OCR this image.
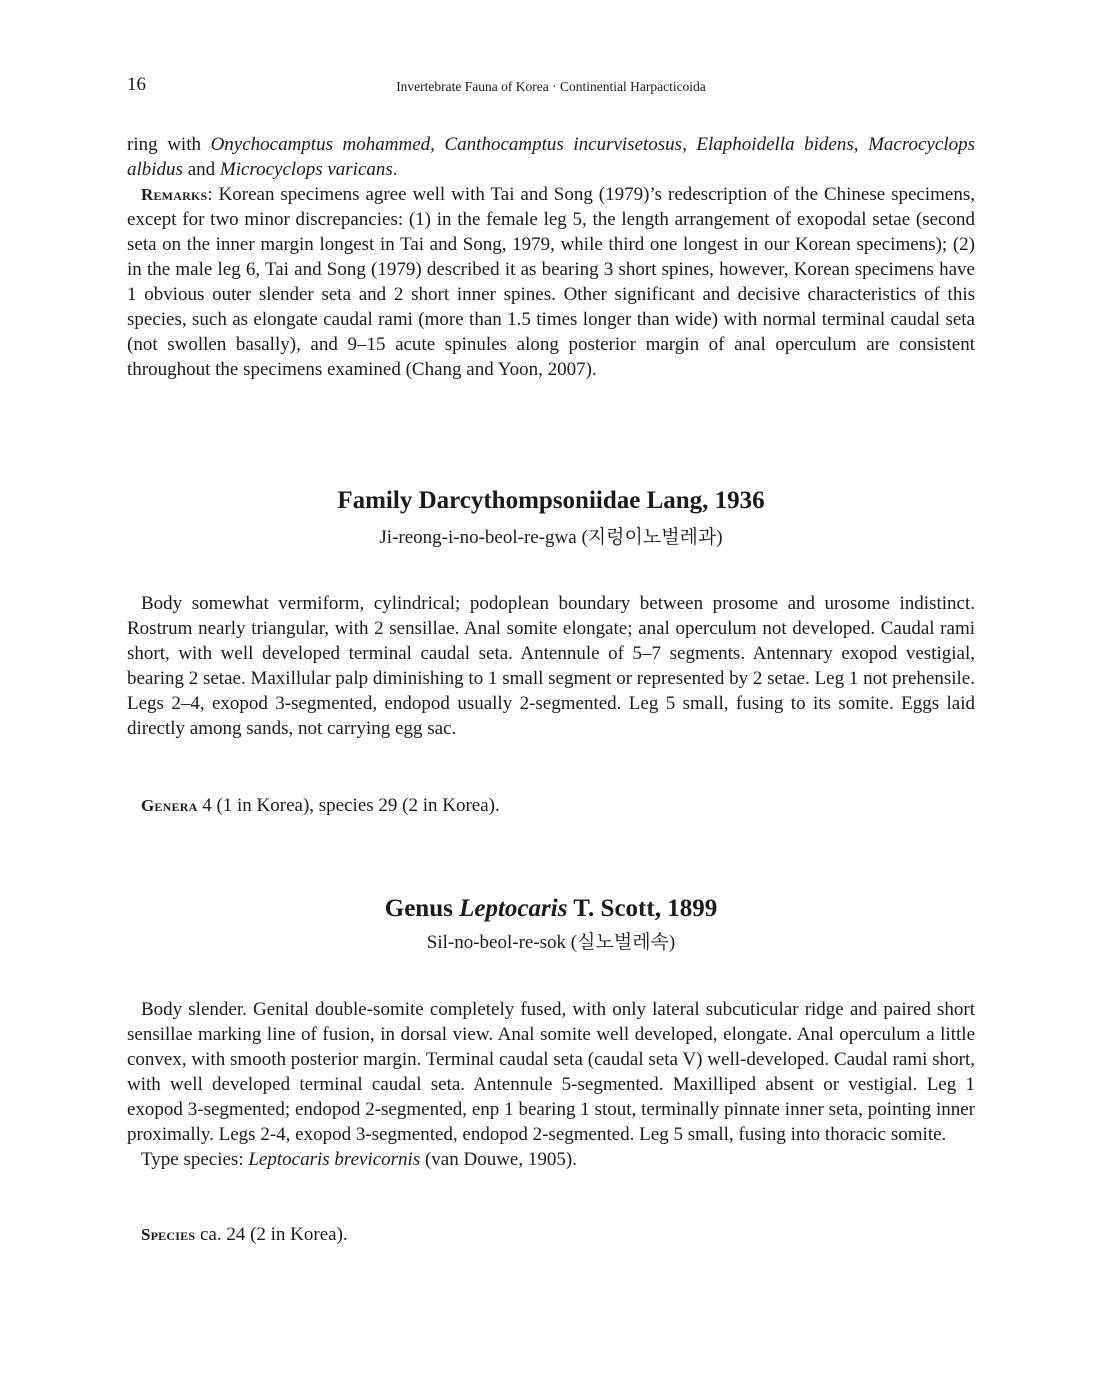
16	Invertebrate Fauna of Korea · Continential Harpacticoida

ring with Onychocamptus mohammed, Canthocamptus incurvisetosus, Elaphoidella bidens, Macrocyclops albidus and Microcyclops varicans.

Remarks: Korean specimens agree well with Tai and Song (1979)’s redescription of the Chinese specimens, except for two minor discrepancies: (1) in the female leg 5, the length arrangement of exopodal setae (second seta on the inner margin longest in Tai and Song, 1979, while third one longest in our Korean specimens); (2) in the male leg 6, Tai and Song (1979) described it as bearing 3 short spines, however, Korean specimens have 1 obvious outer slender seta and 2 short inner spines. Other significant and decisive characteristics of this species, such as elongate caudal rami (more than 1.5 times longer than wide) with normal terminal caudal seta (not swollen basally), and 9–15 acute spinules along posterior margin of anal operculum are consistent throughout the specimens examined (Chang and Yoon, 2007).

Family Darcythompsoniidae Lang, 1936
Ji-reong-i-no-beol-re-gwa (지렁이노벌레과)

Body somewhat vermiform, cylindrical; podoplean boundary between prosome and urosome indistinct. Rostrum nearly triangular, with 2 sensillae. Anal somite elongate; anal operculum not developed. Caudal rami short, with well developed terminal caudal seta. Antennule of 5–7 segments. Antennary exopod vestigial, bearing 2 setae. Maxillular palp diminishing to 1 small segment or represented by 2 setae. Leg 1 not prehensile. Legs 2–4, exopod 3-segmented, endopod usually 2-segmented. Leg 5 small, fusing to its somite. Eggs laid directly among sands, not carrying egg sac.

Genera 4 (1 in Korea), species 29 (2 in Korea).

Genus Leptocaris T. Scott, 1899
Sil-no-beol-re-sok (실노벌레속)

Body slender. Genital double-somite completely fused, with only lateral subcuticular ridge and paired short sensillae marking line of fusion, in dorsal view. Anal somite well developed, elongate. Anal operculum a little convex, with smooth posterior margin. Terminal caudal seta (caudal seta V) well-developed. Caudal rami short, with well developed terminal caudal seta. Antennule 5-segmented. Maxilliped absent or vestigial. Leg 1 exopod 3-segmented; endopod 2-segmented, enp 1 bearing 1 stout, terminally pinnate inner seta, pointing inner proximally. Legs 2-4, exopod 3-segmented, endopod 2-segmented. Leg 5 small, fusing into thoracic somite.

Type species: Leptocaris brevicornis (van Douwe, 1905).

Species ca. 24 (2 in Korea).
